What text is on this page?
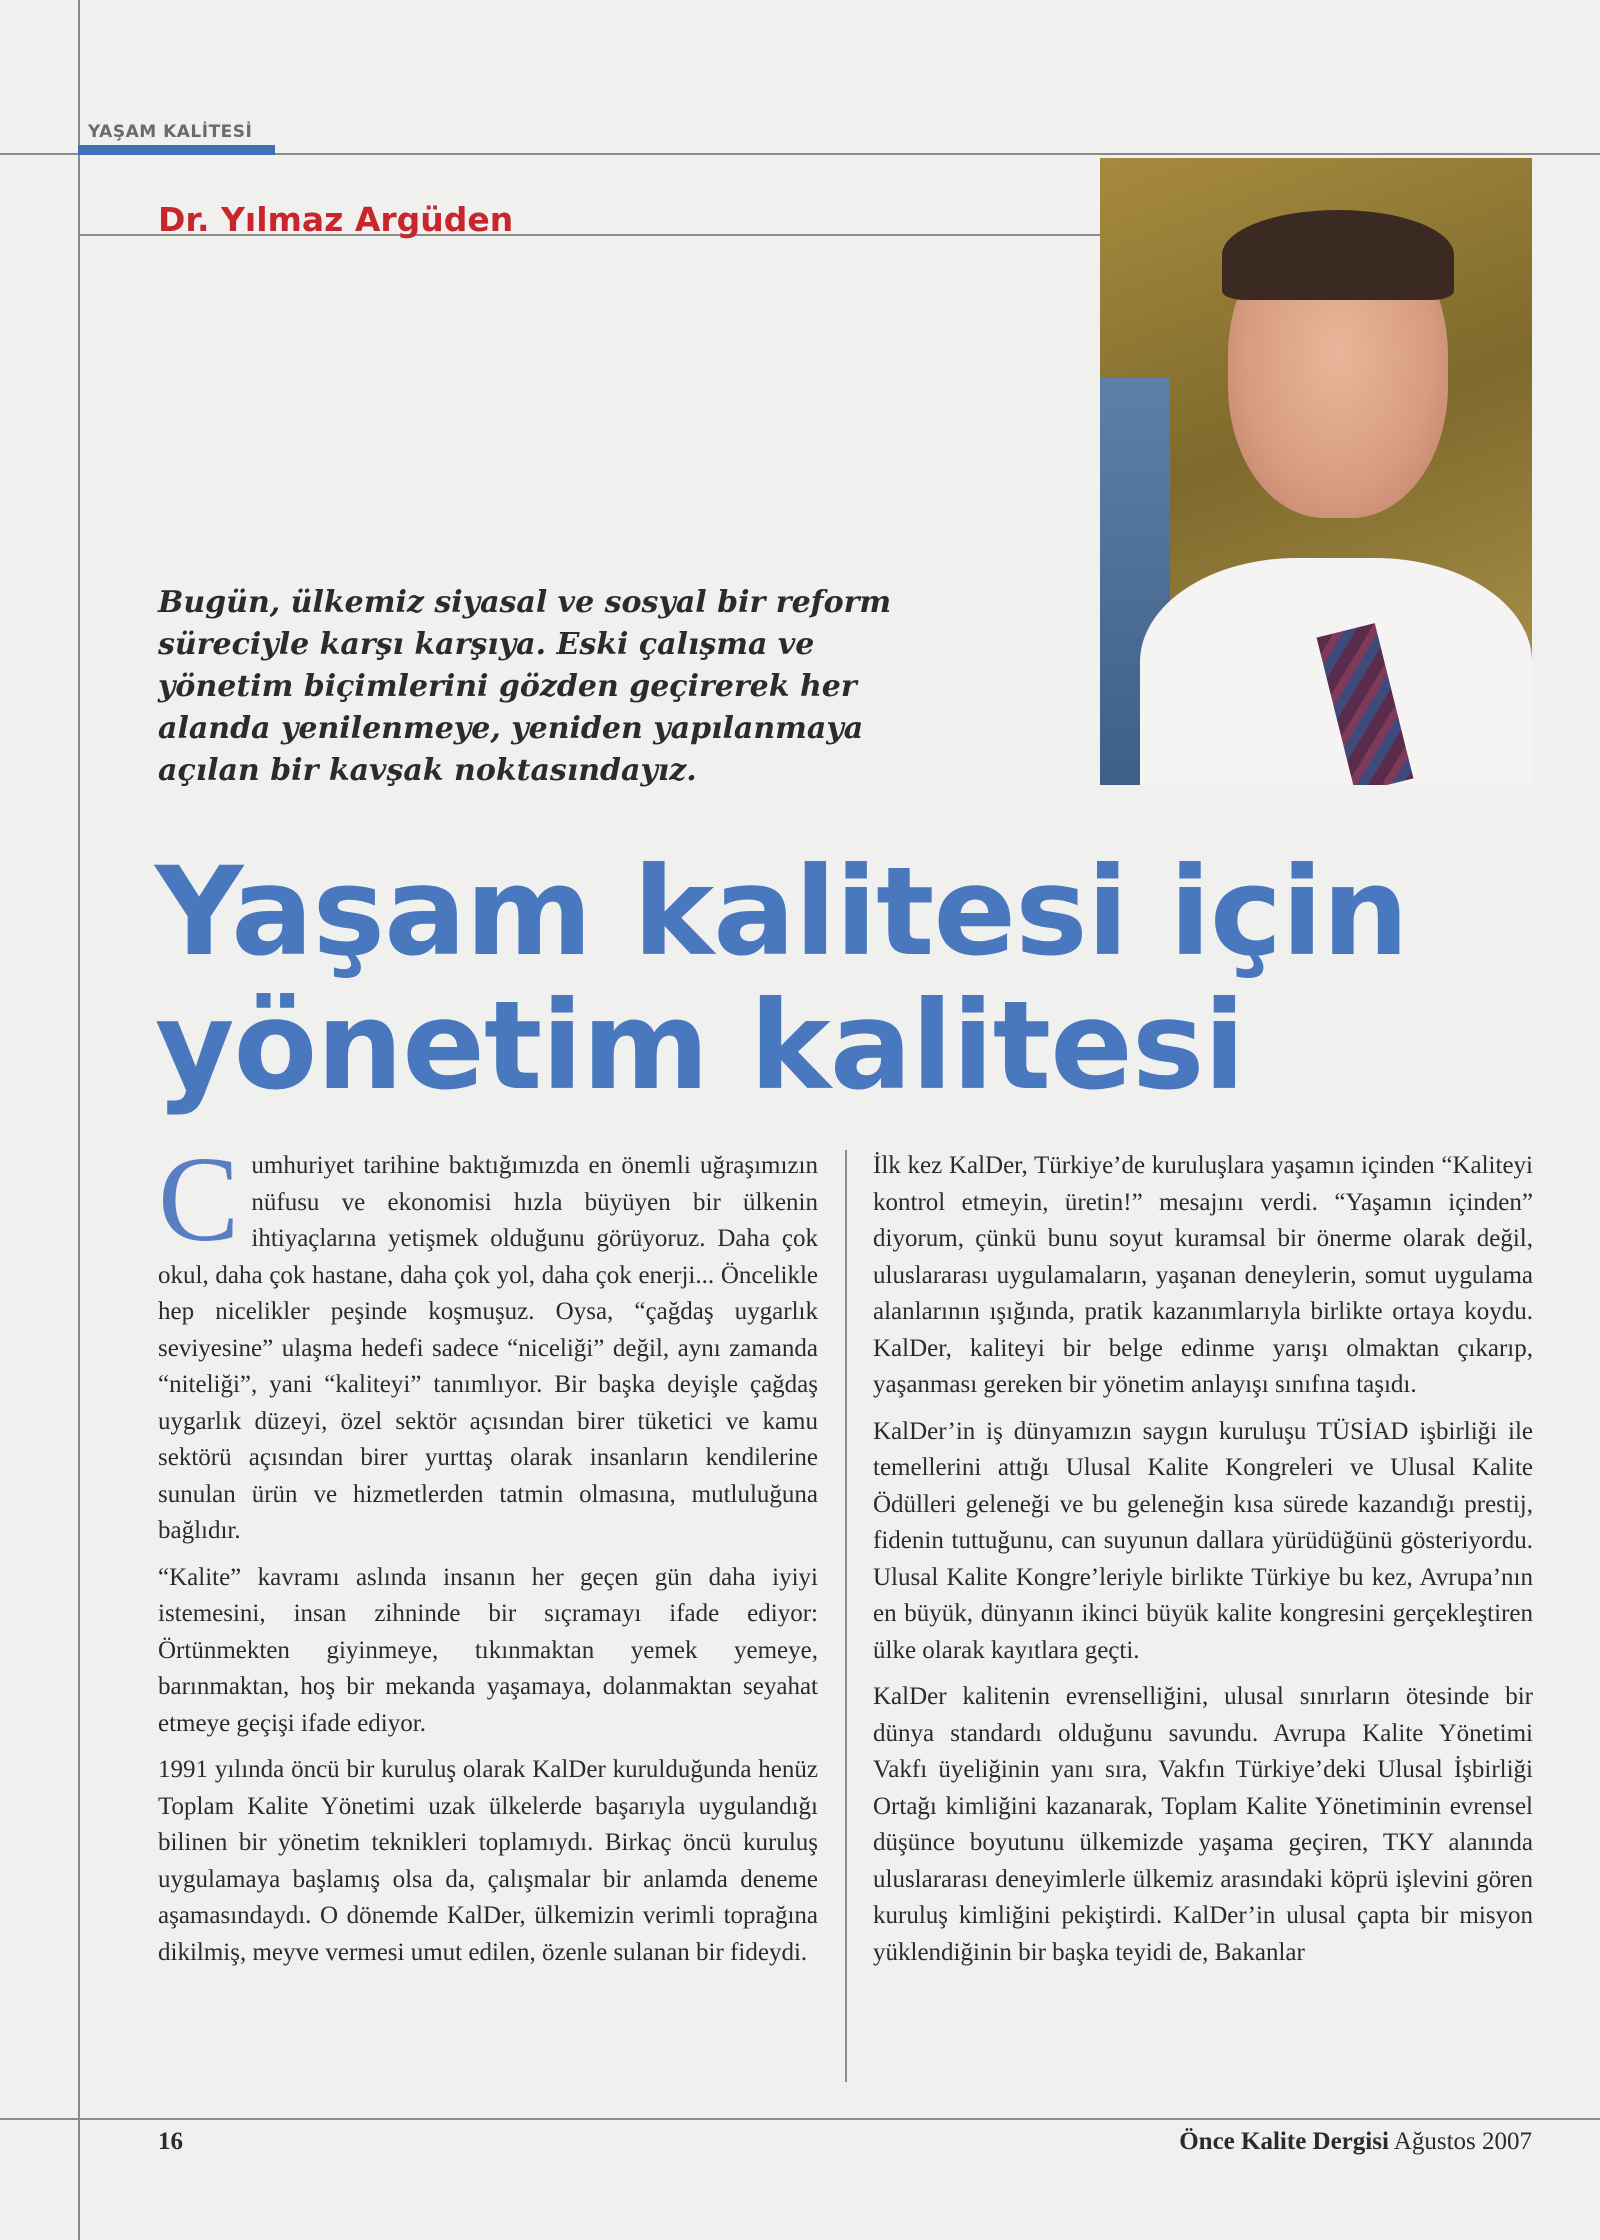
YAŞAM KALİTESİ
Dr. Yılmaz Argüden

Bugün, ülkemiz siyasal ve sosyal bir reform
süreciyle karşı karşıya. Eski çalışma ve
yönetim biçimlerini gözden geçirerek her
alanda yenilenmeye, yeniden yapılanmaya
açılan bir kavşak noktasındayız.

Yaşam kalitesi için
yönetim kalitesi

Cumhuriyet tarihine baktığımızda en önemli uğraşımızın nüfusu ve ekonomisi hızla büyüyen bir ülkenin ihtiyaçlarına yetişmek olduğunu görüyoruz. Daha çok okul, daha çok hastane, daha çok yol, daha çok enerji... Öncelikle hep nicelikler peşinde koşmuşuz. Oysa, “çağdaş uygarlık seviyesine” ulaşma hedefi sadece “niceliği” değil, aynı zamanda “niteliği”, yani “kaliteyi” tanımlıyor. Bir başka deyişle çağdaş uygarlık düzeyi, özel sektör açısından birer tüketici ve kamu sektörü açısından birer yurttaş olarak insanların kendilerine sunulan ürün ve hizmetlerden tatmin olmasına, mutluluğuna bağlıdır.

“Kalite” kavramı aslında insanın her geçen gün daha iyiyi istemesini, insan zihninde bir sıçramayı ifade ediyor: Örtünmekten giyinmeye, tıkınmaktan yemek yemeye, barınmaktan, hoş bir mekanda yaşamaya, dolanmaktan seyahat etmeye geçişi ifade ediyor.

1991 yılında öncü bir kuruluş olarak KalDer kurulduğunda henüz Toplam Kalite Yönetimi uzak ülkelerde başarıyla uygulandığı bilinen bir yönetim teknikleri toplamıydı. Birkaç öncü kuruluş uygulamaya başlamış olsa da, çalışmalar bir anlamda deneme aşamasındaydı. O dönemde KalDer, ülkemizin verimli toprağına dikilmiş, meyve vermesi umut edilen, özenle sulanan bir fideydi.

İlk kez KalDer, Türkiye’de kuruluşlara yaşamın içinden “Kaliteyi kontrol etmeyin, üretin!” mesajını verdi. “Yaşamın içinden” diyorum, çünkü bunu soyut kuramsal bir önerme olarak değil, uluslararası uygulamaların, yaşanan deneylerin, somut uygulama alanlarının ışığında, pratik kazanımlarıyla birlikte ortaya koydu. KalDer, kaliteyi bir belge edinme yarışı olmaktan çıkarıp, yaşanması gereken bir yönetim anlayışı sınıfına taşıdı.

KalDer’in iş dünyamızın saygın kuruluşu TÜSİAD işbirliği ile temellerini attığı Ulusal Kalite Kongreleri ve Ulusal Kalite Ödülleri geleneği ve bu geleneğin kısa sürede kazandığı prestij, fidenin tuttuğunu, can suyunun dallara yürüdüğünü gösteriyordu. Ulusal Kalite Kongre’leriyle birlikte Türkiye bu kez, Avrupa’nın en büyük, dünyanın ikinci büyük kalite kongresini gerçekleştiren ülke olarak kayıtlara geçti.

KalDer kalitenin evrenselliğini, ulusal sınırların ötesinde bir dünya standardı olduğunu savundu. Avrupa Kalite Yönetimi Vakfı üyeliğinin yanı sıra, Vakfın Türkiye’deki Ulusal İşbirliği Ortağı kimliğini kazanarak, Toplam Kalite Yönetiminin evrensel düşünce boyutunu ülkemizde yaşama geçiren, TKY alanında uluslararası deneyimlerle ülkemiz arasındaki köprü işlevini gören kuruluş kimliğini pekiştirdi. KalDer’in ulusal çapta bir misyon yüklendiğinin bir başka teyidi de, Bakanlar

16	Önce Kalite Dergisi Ağustos 2007
